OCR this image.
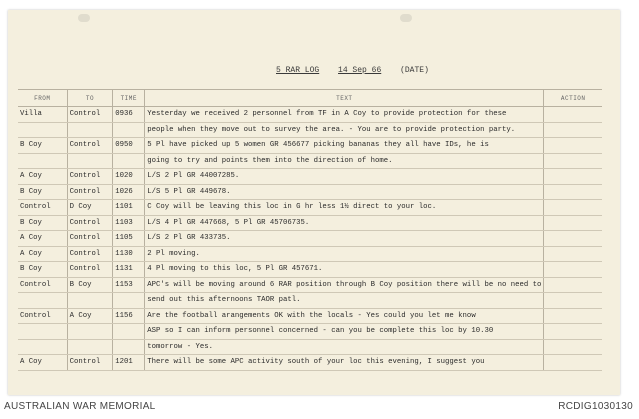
5 RAR LOG 14 Sep 66 (DATE)
FROM	TO	TIME	TEXT	ACTION
Villa	Control	0936	Yesterday we received 2 personnel from TF in A Coy to provide protection for these	
			people when they move out to survey the area. - You are to provide protection party.	
B Coy	Control	0950	5 Pl have picked up 5 women GR 456677 picking bananas they all have IDs, he is	
			going to try and points them into the direction of home.	
A Coy	Control	1020	L/S 2 Pl GR 44007285.	
B Coy	Control	1026	L/S 5 Pl GR 449678.	
Control	D Coy	1101	C Coy will be leaving this loc in G hr less 1½ direct to your loc.	
B Coy	Control	1103	L/S 4 Pl GR 447668, 5 Pl GR 45706735.	
A Coy	Control	1105	L/S 2 Pl GR 433735.	
A Coy	Control	1130	2 Pl moving.	
B Coy	Control	1131	4 Pl moving to this loc, 5 Pl GR 457671.	
Control	B Coy	1153	APC's will be moving around 6 RAR position through B Coy position there will be no need to	
			send out this afternoons TAOR patl.	
Control	A Coy	1156	Are the football arangements OK with the locals - Yes could you let me know	
			ASP so I can inform personnel concerned - can you be complete this loc by 10.30	
			tomorrow - Yes.	
A Coy	Control	1201	There will be some APC activity south of your loc this evening, I suggest you	
AUSTRALIAN WAR MEMORIAL	RCDIG1030130
